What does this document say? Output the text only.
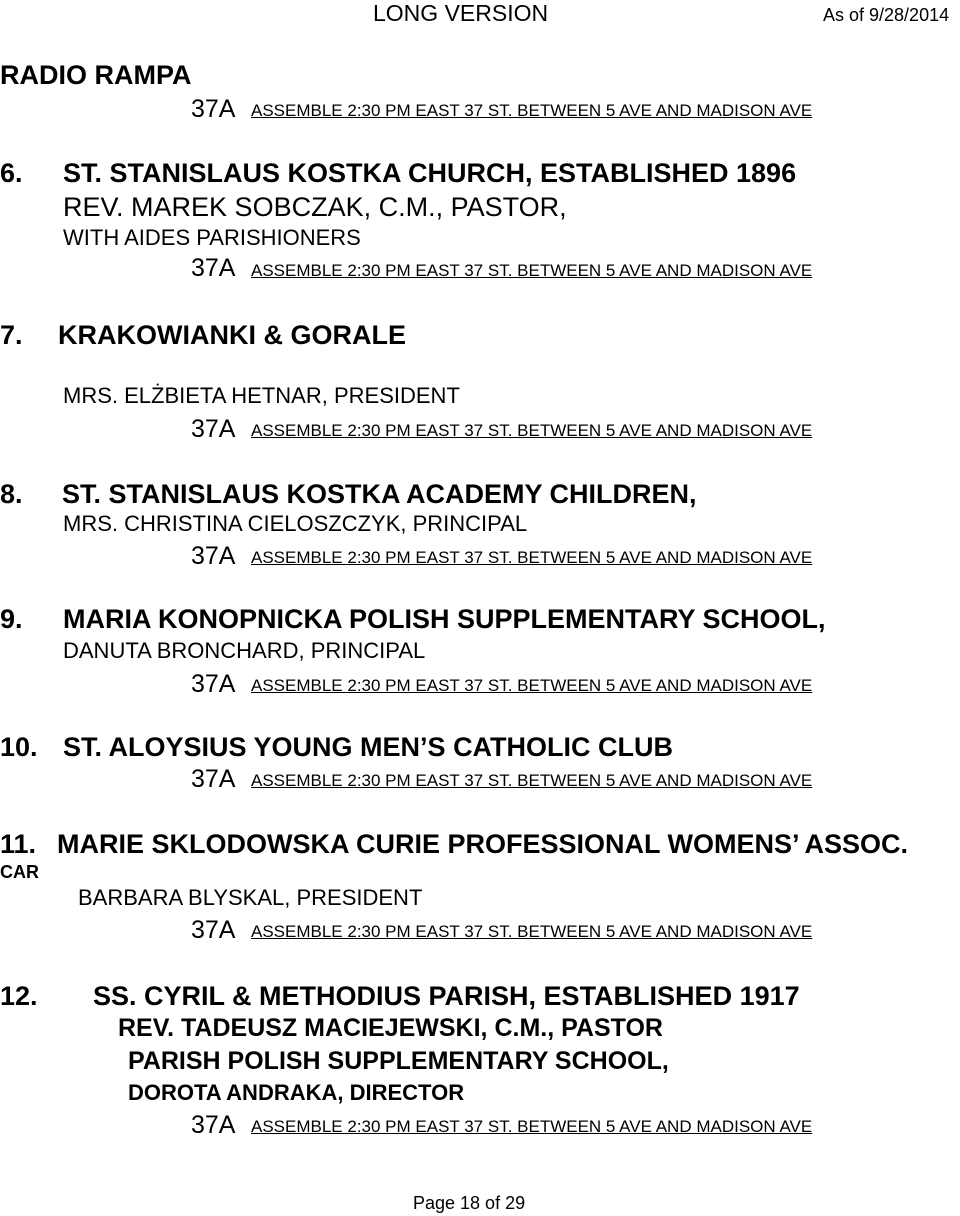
LONG VERSION	As of 9/28/2014
RADIO RAMPA
37A ASSEMBLE 2:30 PM EAST 37 ST. BETWEEN 5 AVE AND MADISON AVE
6. ST. STANISLAUS KOSTKA CHURCH, ESTABLISHED 1896
REV. MAREK SOBCZAK, C.M., PASTOR,
WITH AIDES PARISHIONERS
37A ASSEMBLE 2:30 PM EAST 37 ST. BETWEEN 5 AVE AND MADISON AVE
7. KRAKOWIANKI & GORALE
MRS. ELŻBIETA HETNAR, PRESIDENT
37A ASSEMBLE 2:30 PM EAST 37 ST. BETWEEN 5 AVE AND MADISON AVE
8. ST. STANISLAUS KOSTKA ACADEMY CHILDREN,
MRS. CHRISTINA CIELOSZCZYK, PRINCIPAL
37A ASSEMBLE 2:30 PM EAST 37 ST. BETWEEN 5 AVE AND MADISON AVE
9. MARIA KONOPNICKA POLISH SUPPLEMENTARY SCHOOL,
DANUTA BRONCHARD, PRINCIPAL
37A ASSEMBLE 2:30 PM EAST 37 ST. BETWEEN 5 AVE AND MADISON AVE
10. ST. ALOYSIUS YOUNG MEN’S CATHOLIC CLUB
37A ASSEMBLE 2:30 PM EAST 37 ST. BETWEEN 5 AVE AND MADISON AVE
11. MARIE SKLODOWSKA CURIE PROFESSIONAL WOMENS’ ASSOC.
CAR
BARBARA BLYSKAL, PRESIDENT
37A ASSEMBLE 2:30 PM EAST 37 ST. BETWEEN 5 AVE AND MADISON AVE
12. SS. CYRIL & METHODIUS PARISH, ESTABLISHED 1917
REV. TADEUSZ MACIEJEWSKI, C.M., PASTOR
PARISH POLISH SUPPLEMENTARY SCHOOL,
DOROTA ANDRAKA, DIRECTOR
37A ASSEMBLE 2:30 PM EAST 37 ST. BETWEEN 5 AVE AND MADISON AVE
Page 18 of 29
